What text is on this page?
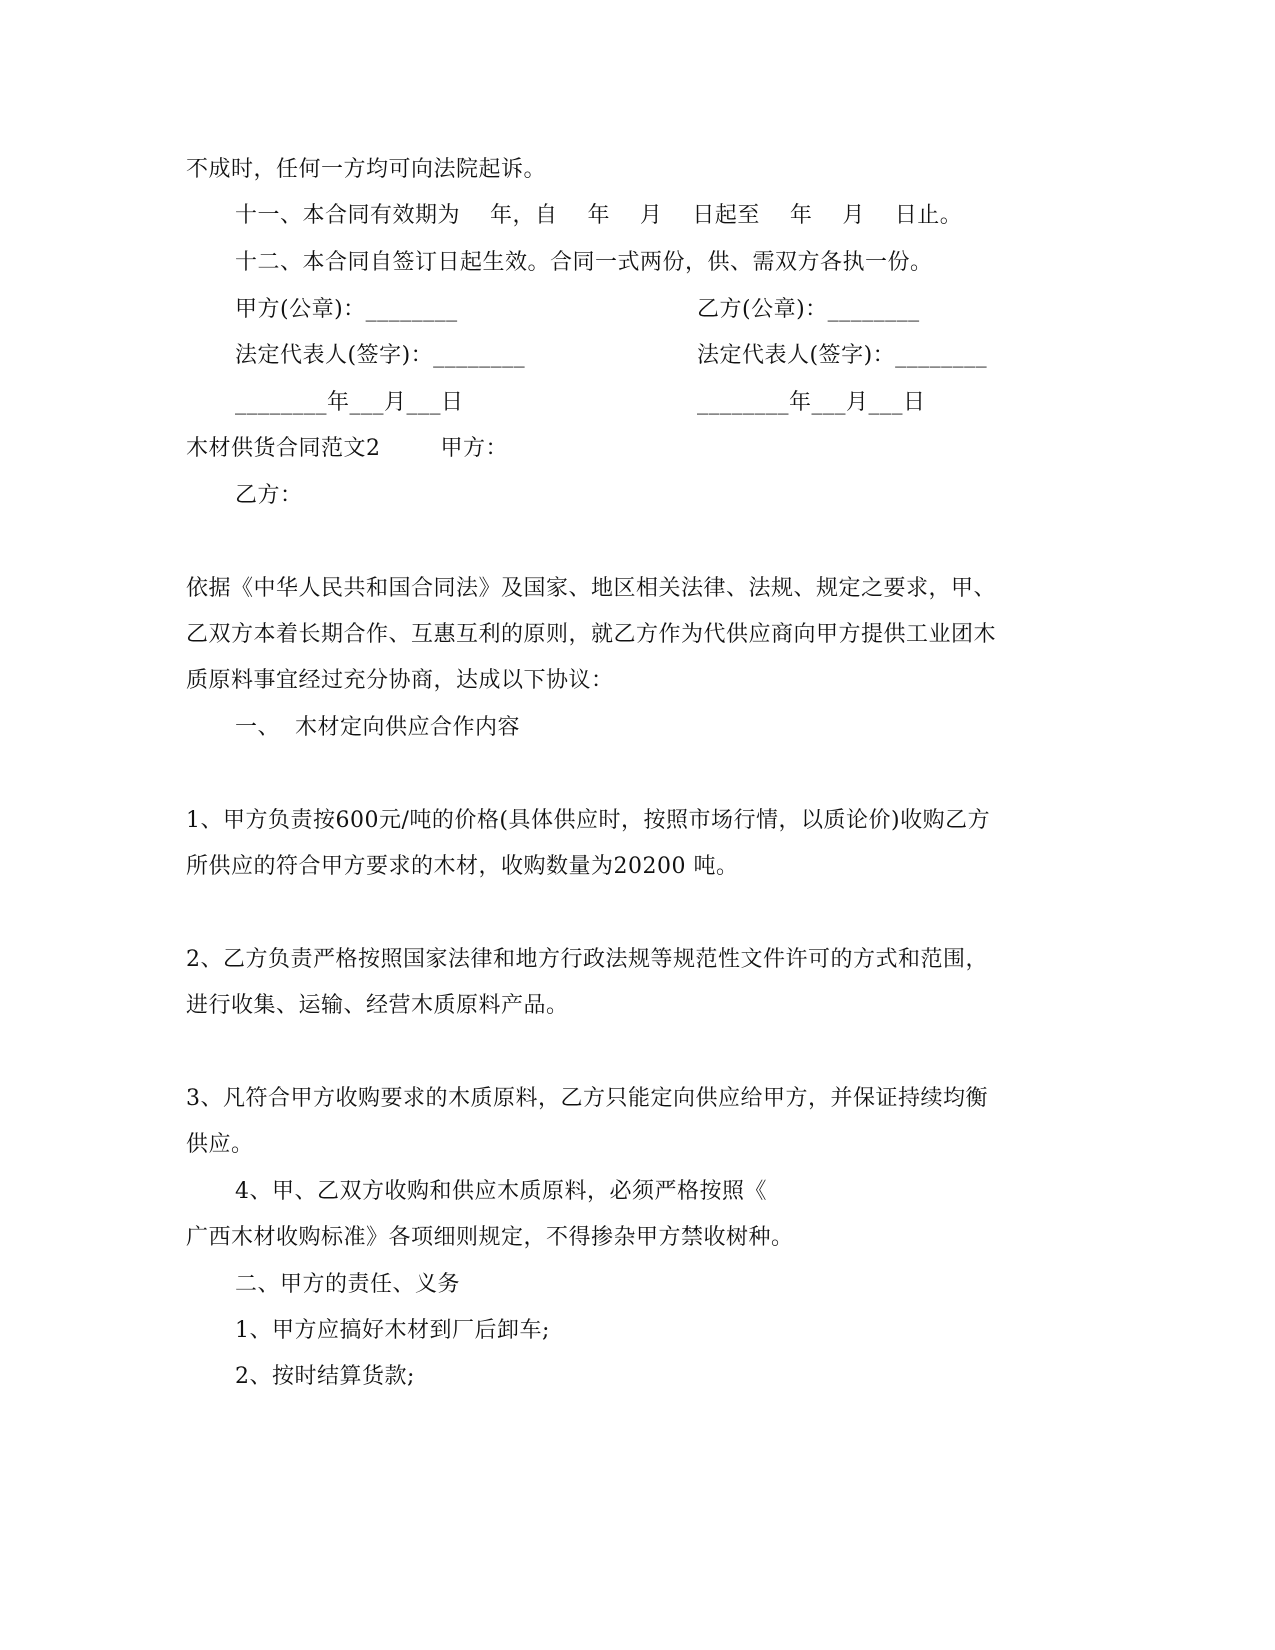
不成时，任何一方均可向法院起诉。
十一、本合同有效期为    年，自    年    月    日起至    年    月    日止。
十二、本合同自签订日起生效。合同一式两份，供、需双方各执一份。
甲方(公章)：________	乙方(公章)：________
法定代表人(签字)：________	法定代表人(签字)：________
________年___月___日	________年___月___日
木材供货合同范文2        甲方：
乙方：
依据《中华人民共和国合同法》及国家、地区相关法律、法规、规定之要求，甲、
乙双方本着长期合作、互惠互利的原则，就乙方作为代供应商向甲方提供工业团木
质原料事宜经过充分协商，达成以下协议：
一、  木材定向供应合作内容
1、甲方负责按600元/吨的价格(具体供应时，按照市场行情，以质论价)收购乙方
所供应的符合甲方要求的木材，收购数量为20200 吨。
2、乙方负责严格按照国家法律和地方行政法规等规范性文件许可的方式和范围，
进行收集、运输、经营木质原料产品。
3、凡符合甲方收购要求的木质原料，乙方只能定向供应给甲方，并保证持续均衡
供应。
4、甲、乙双方收购和供应木质原料，必须严格按照《
广西木材收购标准》各项细则规定，不得掺杂甲方禁收树种。
二、甲方的责任、义务
1、甲方应搞好木材到厂后卸车;
2、按时结算货款;
